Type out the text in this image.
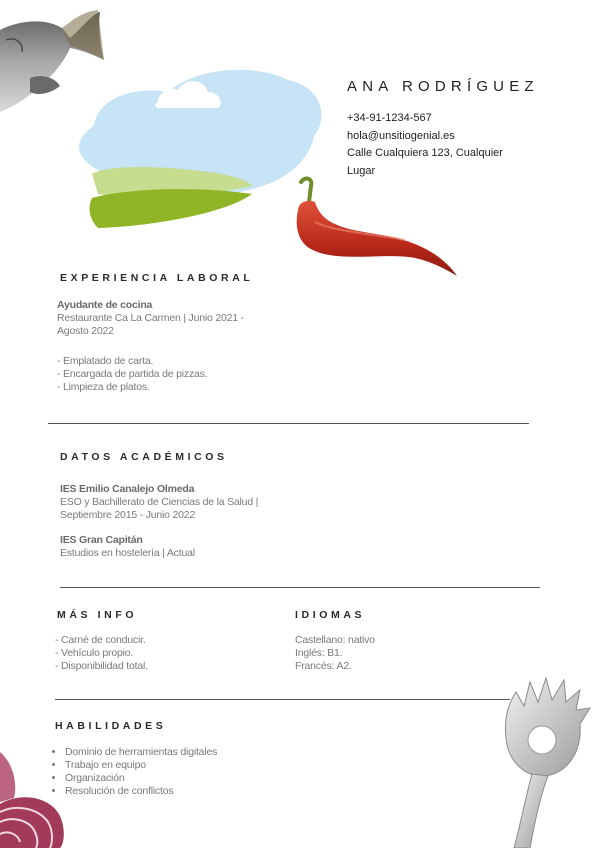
ANA RODRÍGUEZ
+34-91-1234-567
hola@unsitiogenial.es
Calle Cualquiera 123, Cualquier
Lugar
EXPERIENCIA LABORAL
Ayudante de cocina
Restaurante Ca La Carmen | Junio 2021 -
Agosto 2022
- Emplatado de carta.
- Encargada de partida de pizzas.
- Limpieza de platos.
DATOS ACADÉMICOS
IES Emilio Canalejo Olmeda
ESO y Bachillerato de Ciencias de la Salud |
Septiembre 2015 - Junio 2022
IES Gran Capitán
Estudios en hostelería | Actual
MÁS INFO
- Carné de conducir.
- Vehículo propio.
- Disponibilidad total.
IDIOMAS
Castellano: nativo
Inglés: B1.
Francés: A2.
HABILIDADES
• Dominio de herramientas digitales
• Trabajo en equipo
• Organización
• Resolución de conflictos
